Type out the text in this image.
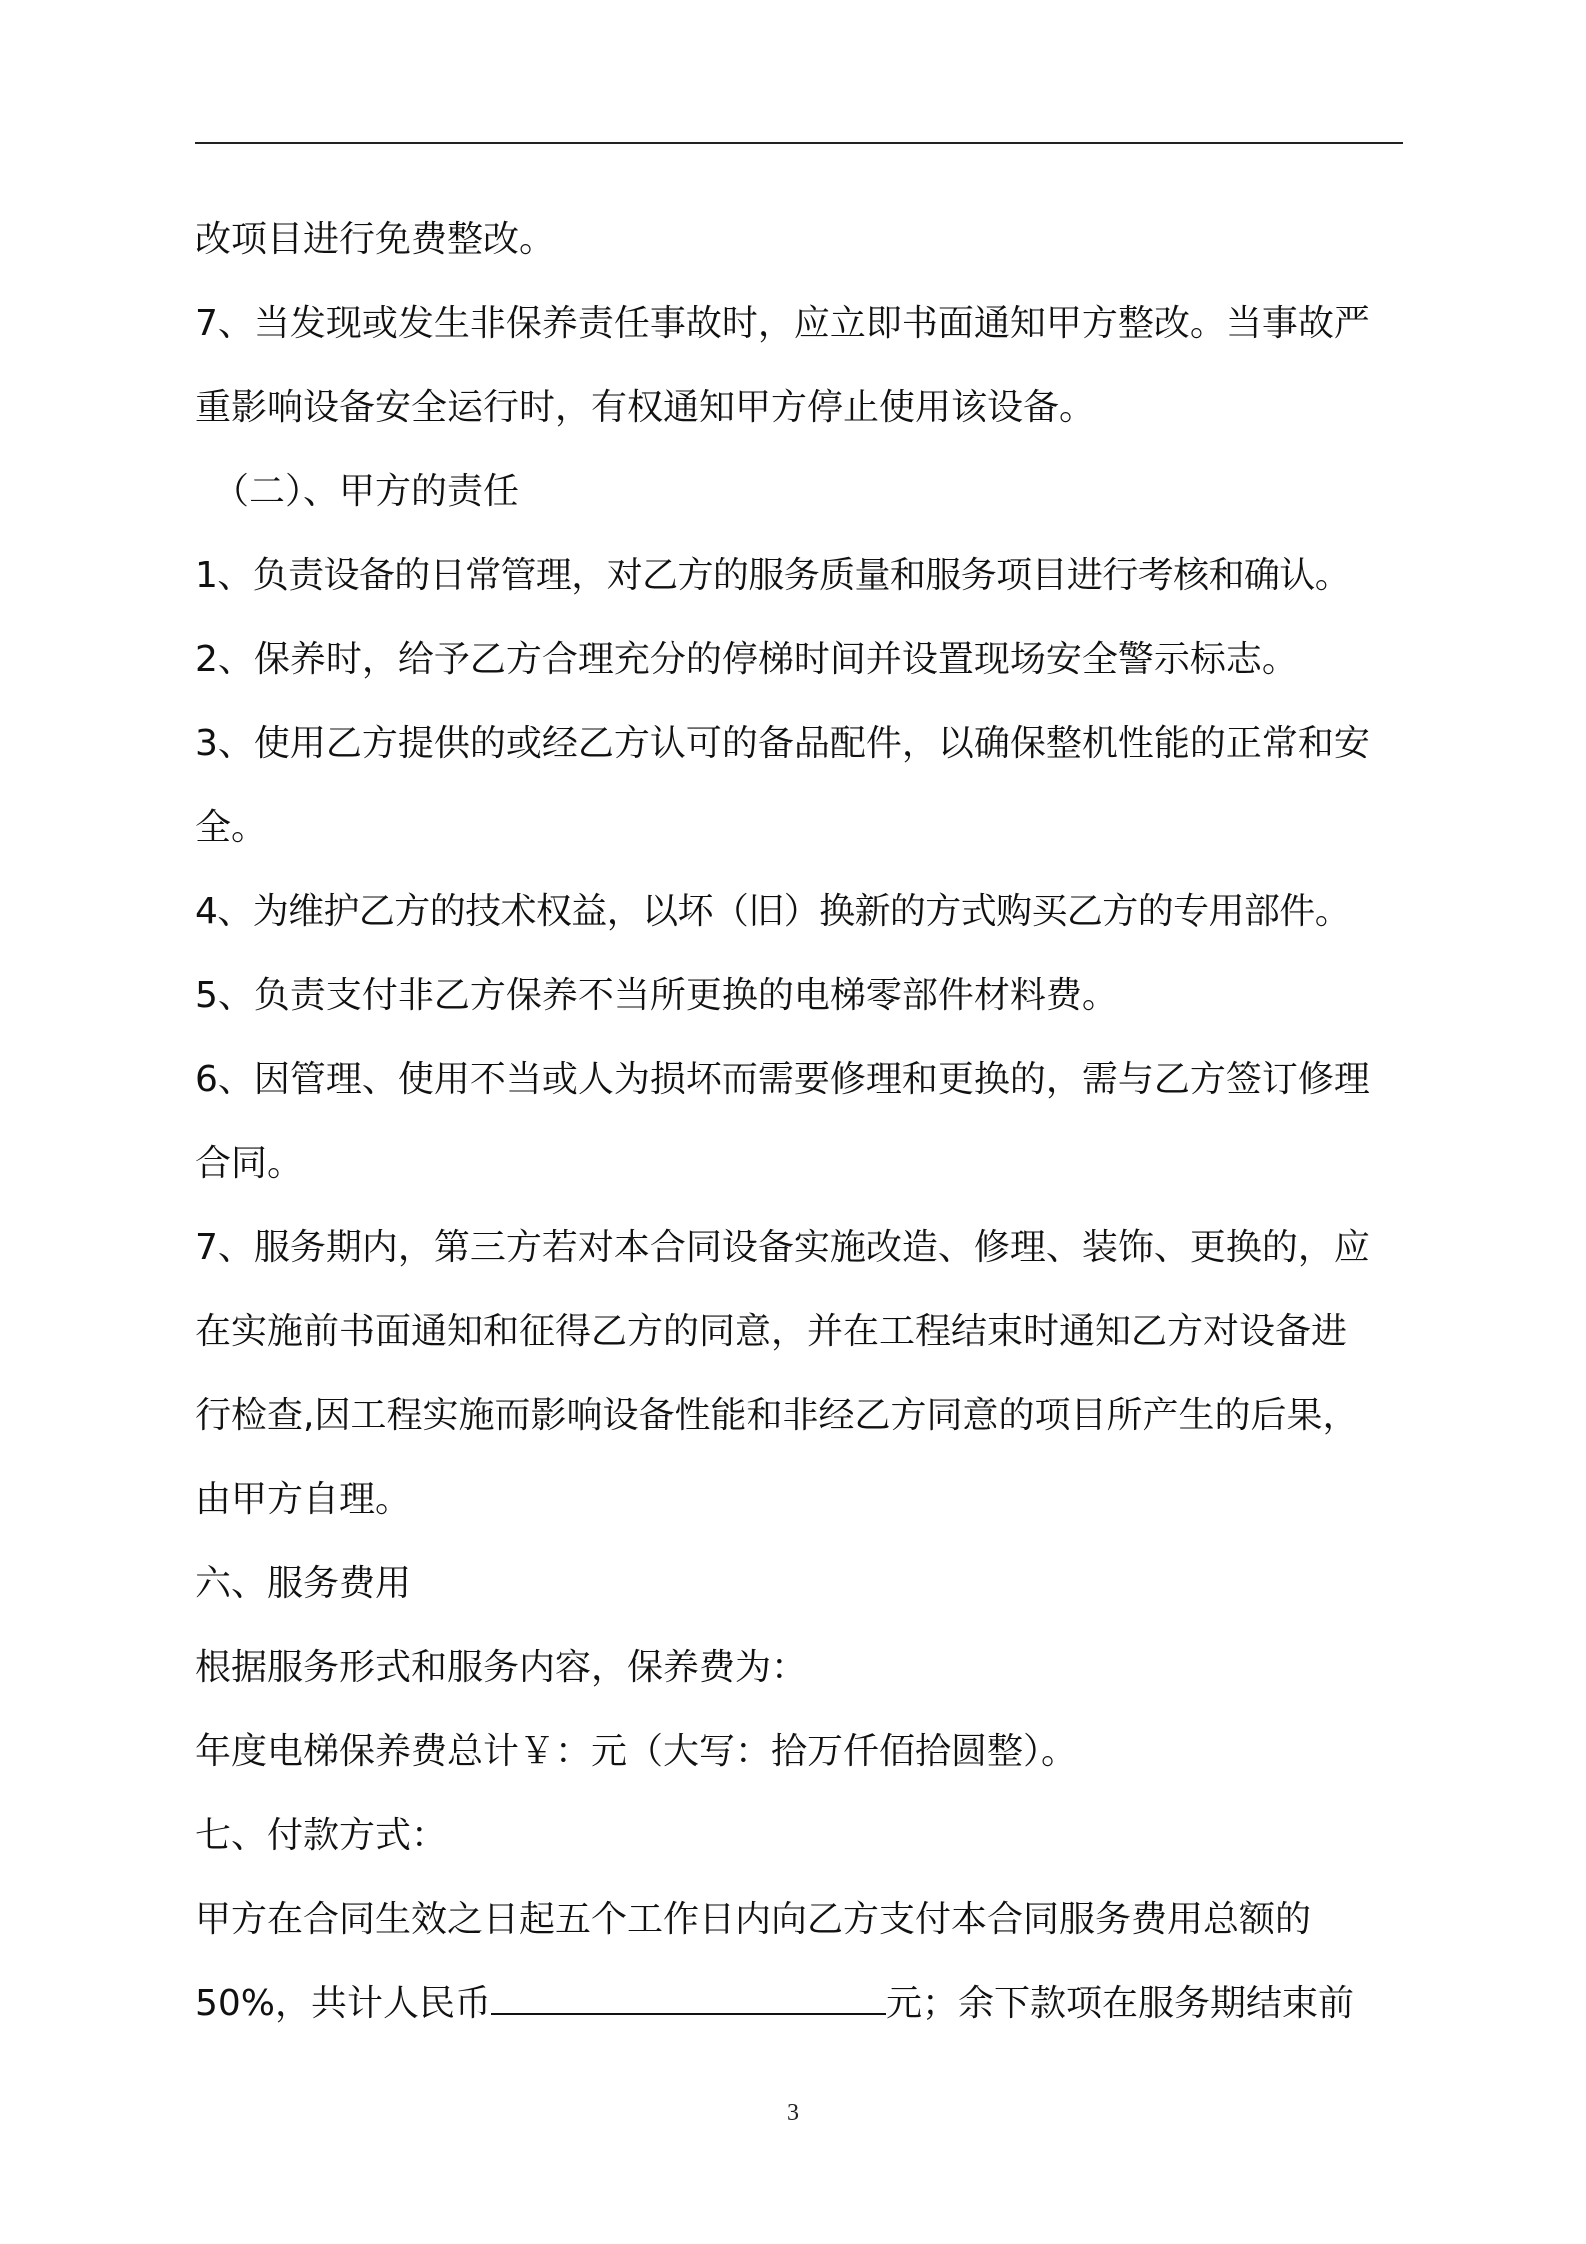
改项目进行免费整改。
7、当发现或发生非保养责任事故时，应立即书面通知甲方整改。当事故严
重影响设备安全运行时，有权通知甲方停止使用该设备。
（二）、甲方的责任
1、负责设备的日常管理，对乙方的服务质量和服务项目进行考核和确认。
2、保养时，给予乙方合理充分的停梯时间并设置现场安全警示标志。
3、使用乙方提供的或经乙方认可的备品配件，以确保整机性能的正常和安
全。
4、为维护乙方的技术权益，以坏（旧）换新的方式购买乙方的专用部件。
5、负责支付非乙方保养不当所更换的电梯零部件材料费。
6、因管理、使用不当或人为损坏而需要修理和更换的，需与乙方签订修理
合同。
7、服务期内，第三方若对本合同设备实施改造、修理、装饰、更换的，应
在实施前书面通知和征得乙方的同意，并在工程结束时通知乙方对设备进
行检查,因工程实施而影响设备性能和非经乙方同意的项目所产生的后果，
由甲方自理。
六、服务费用
根据服务形式和服务内容，保养费为：
年度电梯保养费总计￥：元（大写：拾万仟佰拾圆整）。
七、付款方式：
甲方在合同生效之日起五个工作日内向乙方支付本合同服务费用总额的
50%，共计人民币	元；余下款项在服务期结束前
3
